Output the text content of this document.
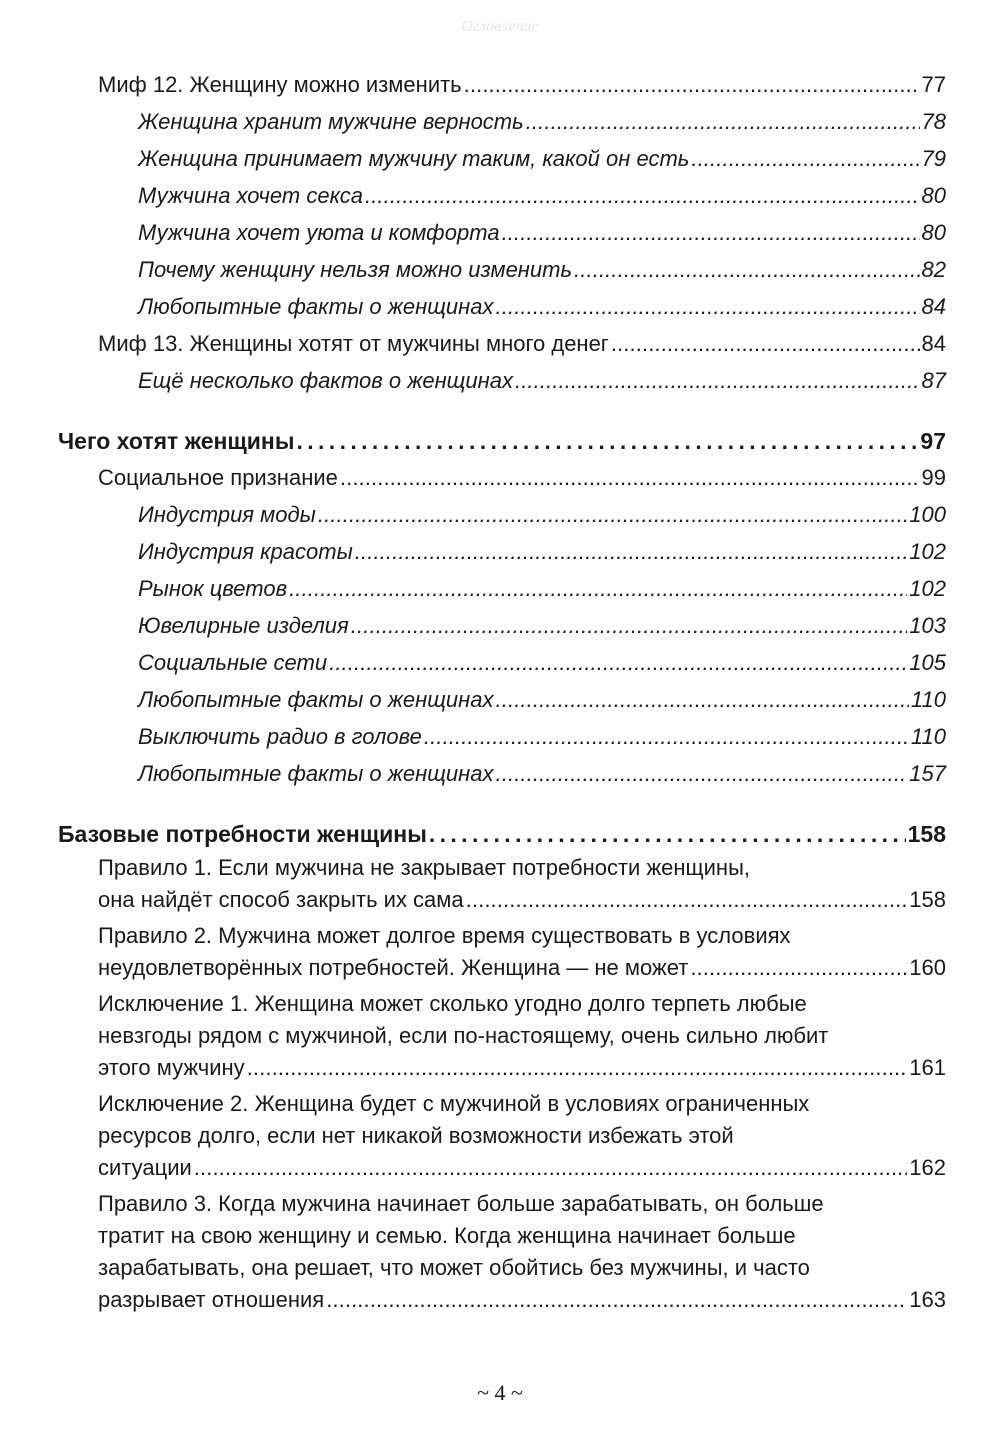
Оглавление
Миф 12. Женщину можно изменить . . .	77
Женщина хранит мужчине верность . . .	78
Женщина принимает мужчину таким, какой он есть . . .	79
Мужчина хочет секса . . .	80
Мужчина хочет уюта и комфорта . . .	80
Почему женщину нельзя можно изменить . . .	82
Любопытные факты о женщинах . . .	84
Миф 13. Женщины хотят от мужчины много денег . . .	84
Ещё несколько фактов о женщинах . . .	87
Чего хотят женщины . . .	97
Социальное признание . . .	99
Индустрия моды . . .	100
Индустрия красоты . . .	102
Рынок цветов . . .	102
Ювелирные изделия . . .	103
Социальные сети . . .	105
Любопытные факты о женщинах . . .	110
Выключить радио в голове . . .	110
Любопытные факты о женщинах . . .	157
Базовые потребности женщины . . .	158
Правило 1. Если мужчина не закрывает потребности женщины,
она найдёт способ закрыть их сама . . .	158
Правило 2. Мужчина может долгое время существовать в условиях
неудовлетворённых потребностей. Женщина — не может . . .	160
Исключение 1. Женщина может сколько угодно долго терпеть любые
невзгоды рядом с мужчиной, если по-настоящему, очень сильно любит
этого мужчину . . .	161
Исключение 2. Женщина будет с мужчиной в условиях ограниченных
ресурсов долго, если нет никакой возможности избежать этой
ситуации . . .	162
Правило 3. Когда мужчина начинает больше зарабатывать, он больше
тратит на свою женщину и семью. Когда женщина начинает больше
зарабатывать, она решает, что может обойтись без мужчины, и часто
разрывает отношения . . .	163
~ 4 ~
